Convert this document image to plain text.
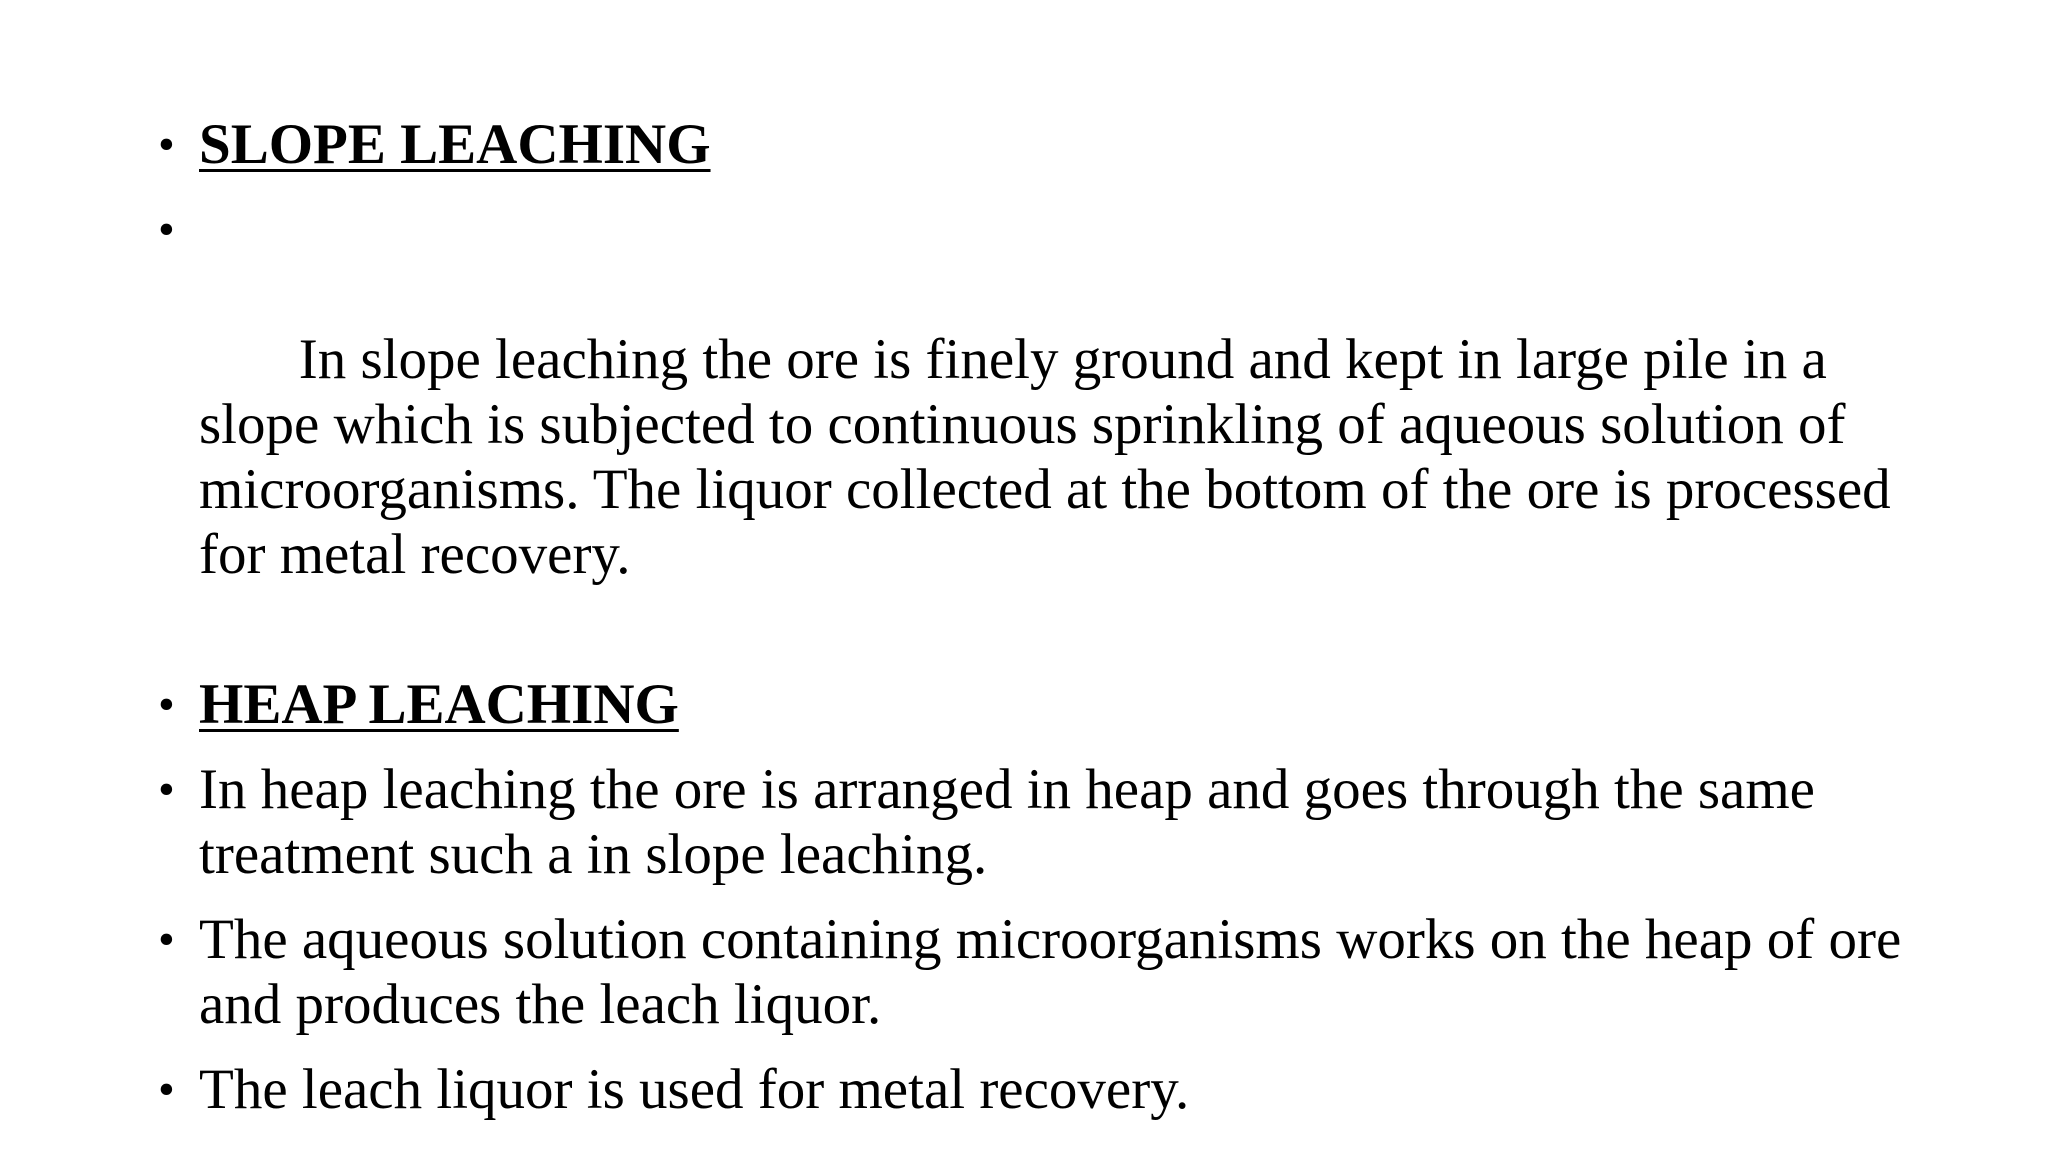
• SLOPE LEACHING

•

In slope leaching the ore is finely ground and kept in large pile in a slope which is subjected to continuous sprinkling of aqueous solution of microorganisms. The liquor collected at the bottom of the ore is processed for metal recovery.

• HEAP LEACHING
• In heap leaching the ore is arranged in heap and goes through the same treatment such a in slope leaching.
• The aqueous solution containing microorganisms works on the heap of ore and produces the leach liquor.
• The leach liquor is used for metal recovery.
